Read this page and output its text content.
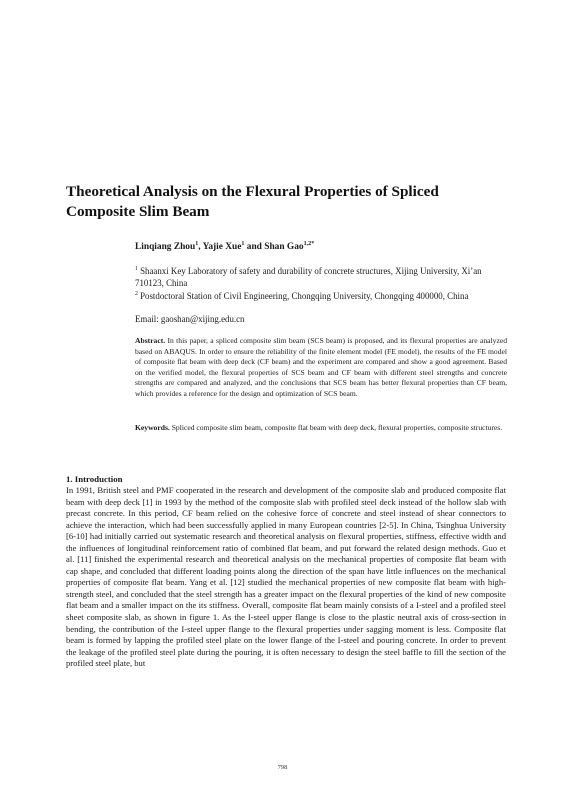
Theoretical Analysis on the Flexural Properties of Spliced Composite Slim Beam
Linqiang Zhou$^1$, Yajie Xue$^1$ and Shan Gao$^{1,2*}$
$^1$ Shaanxi Key Laboratory of safety and durability of concrete structures, Xijing University, Xi’an 710123, China
$^2$ Postdoctoral Station of Civil Engineering, Chongqing University, Chongqing 400000, China
Email: gaoshan@xijing.edu.cn
Abstract. In this paper, a spliced composite slim beam (SCS beam) is proposed, and its flexural properties are analyzed based on ABAQUS. In order to ensure the reliability of the finite element model (FE model), the results of the FE model of composite flat beam with deep deck (CF beam) and the experiment are compared and show a good agreement. Based on the verified model, the flexural properties of SCS beam and CF beam with different steel strengths and concrete strengths are compared and analyzed, and the conclusions that SCS beam has better flexural properties than CF beam, which provides a reference for the design and optimization of SCS beam.
Keywords. Spliced composite slim beam, composite flat beam with deep deck, flexural properties, composite structures.
1. Introduction
In 1991, British steel and PMF cooperated in the research and development of the composite slab and produced composite flat beam with deep deck [1] in 1993 by the method of the composite slab with profiled steel deck instead of the hollow slab with precast concrete. In this period, CF beam relied on the cohesive force of concrete and steel instead of shear connectors to achieve the interaction, which had been successfully applied in many European countries [2-5]. In China, Tsinghua University [6-10] had initially carried out systematic research and theoretical analysis on flexural properties, stiffness, effective width and the influences of longitudinal reinforcement ratio of combined flat beam, and put forward the related design methods. Guo et al. [11] finished the experimental research and theoretical analysis on the mechanical properties of composite flat beam with cap shape, and concluded that different loading points along the direction of the span have little influences on the mechanical properties of composite flat beam. Yang et al. [12] studied the mechanical properties of new composite flat beam with high-strength steel, and concluded that the steel strength has a greater impact on the flexural properties of the kind of new composite flat beam and a smaller impact on the its stiffness. Overall, composite flat beam mainly consists of a I-steel and a profiled steel sheet composite slab, as shown in figure 1. As the I-steel upper flange is close to the plastic neutral axis of cross-section in bending, the contribution of the I-steel upper flange to the flexural properties under sagging moment is less. Composite flat beam is formed by lapping the profiled steel plate on the lower flange of the I-steel and pouring concrete. In order to prevent the leakage of the profiled steel plate during the pouring, it is often necessary to design the steel baffle to fill the section of the profiled steel plate, but
798
